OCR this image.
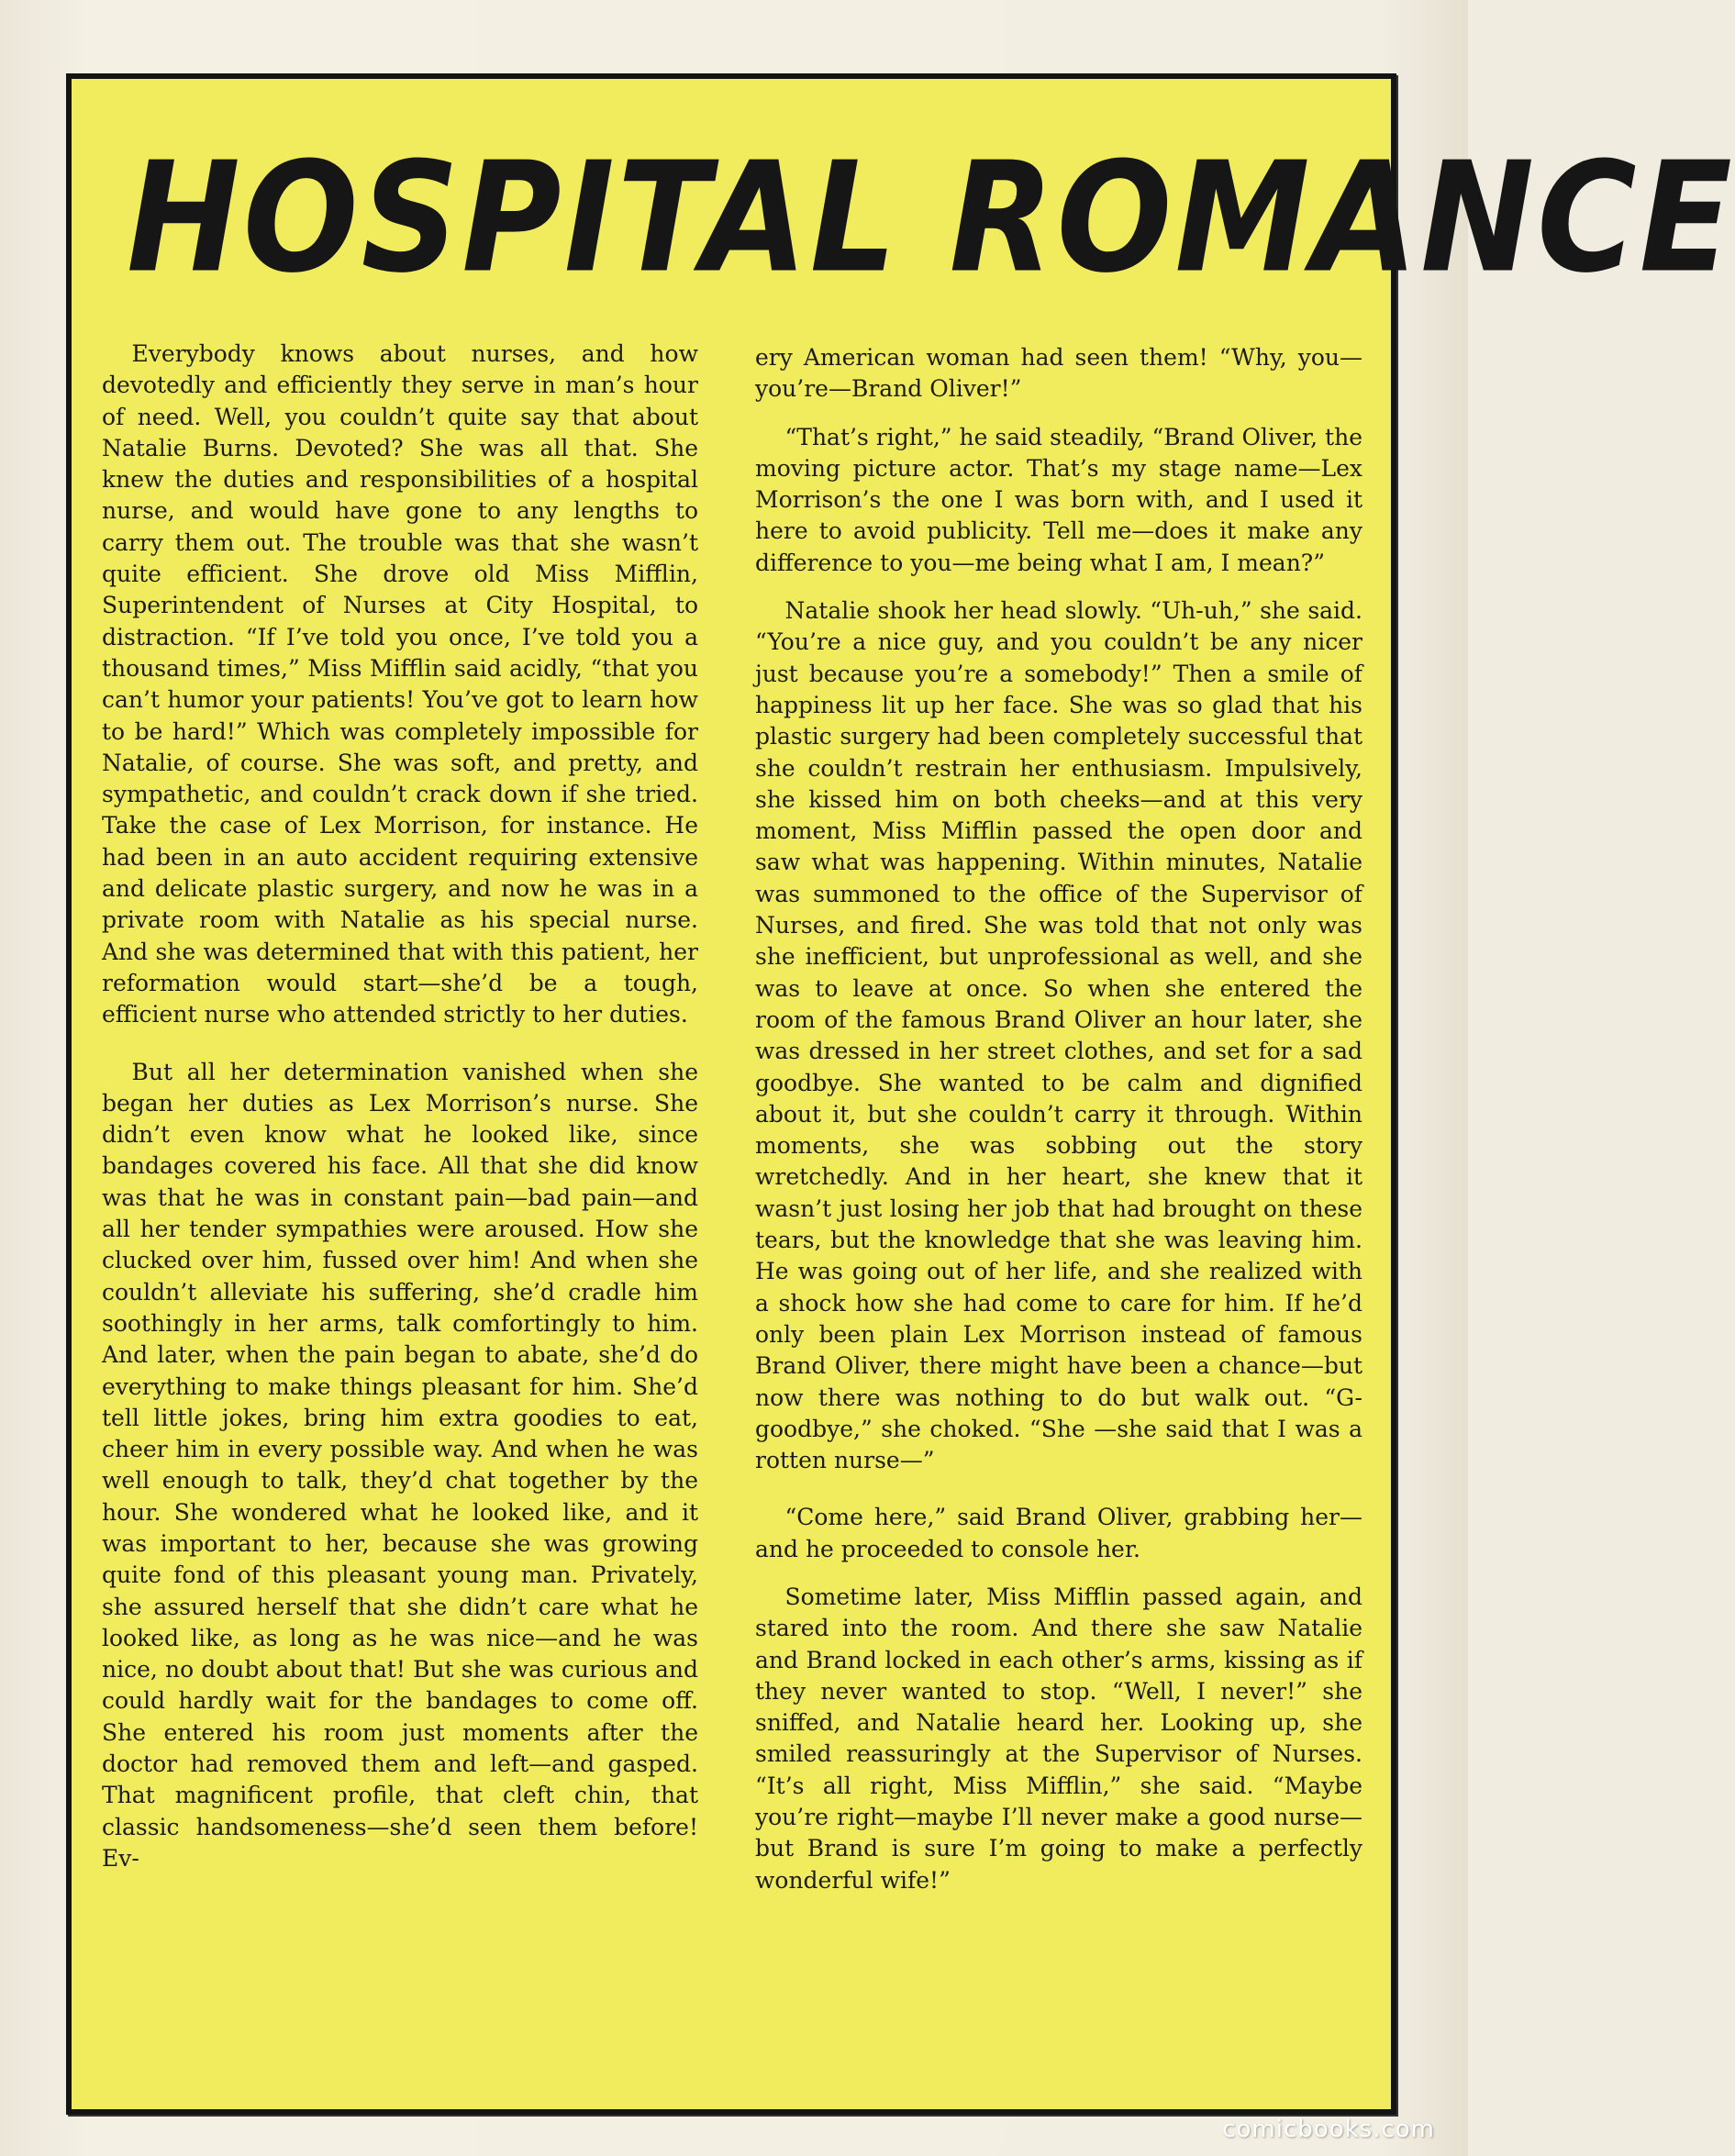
HOSPITAL ROMANCE

Everybody knows about nurses, and how devotedly and efficiently they serve in man’s hour of need. Well, you couldn’t quite say that about Natalie Burns. Devoted? She was all that. She knew the duties and responsibilities of a hospital nurse, and would have gone to any lengths to carry them out. The trouble was that she wasn’t quite efficient. She drove old Miss Mifflin, Superintendent of Nurses at City Hospital, to distraction. “If I’ve told you once, I’ve told you a thousand times,” Miss Mifflin said acidly, “that you can’t humor your patients! You’ve got to learn how to be hard!” Which was completely impossible for Natalie, of course. She was soft, and pretty, and sympathetic, and couldn’t crack down if she tried. Take the case of Lex Morrison, for instance. He had been in an auto accident requiring extensive and delicate plastic surgery, and now he was in a private room with Natalie as his special nurse. And she was determined that with this patient, her reformation would start—she’d be a tough, efficient nurse who attended strictly to her duties.

But all her determination vanished when she began her duties as Lex Morrison’s nurse. She didn’t even know what he looked like, since bandages covered his face. All that she did know was that he was in constant pain—bad pain—and all her tender sympathies were aroused. How she clucked over him, fussed over him! And when she couldn’t alleviate his suffering, she’d cradle him soothingly in her arms, talk comfortingly to him. And later, when the pain began to abate, she’d do everything to make things pleasant for him. She’d tell little jokes, bring him extra goodies to eat, cheer him in every possible way. And when he was well enough to talk, they’d chat together by the hour. She wondered what he looked like, and it was important to her, because she was growing quite fond of this pleasant young man. Privately, she assured herself that she didn’t care what he looked like, as long as he was nice—and he was nice, no doubt about that! But she was curious and could hardly wait for the bandages to come off. She entered his room just moments after the doctor had removed them and left—and gasped. That magnificent profile, that cleft chin, that classic handsomeness—she’d seen them before! Ev-

ery American woman had seen them! “Why, you—you’re—Brand Oliver!”

“That’s right,” he said steadily, “Brand Oliver, the moving picture actor. That’s my stage name—Lex Morrison’s the one I was born with, and I used it here to avoid publicity. Tell me—does it make any difference to you—me being what I am, I mean?”

Natalie shook her head slowly. “Uh-uh,” she said. “You’re a nice guy, and you couldn’t be any nicer just because you’re a somebody!” Then a smile of happiness lit up her face. She was so glad that his plastic surgery had been completely successful that she couldn’t restrain her enthusiasm. Impulsively, she kissed him on both cheeks—and at this very moment, Miss Mifflin passed the open door and saw what was happening. Within minutes, Natalie was summoned to the office of the Supervisor of Nurses, and fired. She was told that not only was she inefficient, but unprofessional as well, and she was to leave at once. So when she entered the room of the famous Brand Oliver an hour later, she was dressed in her street clothes, and set for a sad goodbye. She wanted to be calm and dignified about it, but she couldn’t carry it through. Within moments, she was sobbing out the story wretchedly. And in her heart, she knew that it wasn’t just losing her job that had brought on these tears, but the knowledge that she was leaving him. He was going out of her life, and she realized with a shock how she had come to care for him. If he’d only been plain Lex Morrison instead of famous Brand Oliver, there might have been a chance—but now there was nothing to do but walk out. “G-goodbye,” she choked. “She —she said that I was a rotten nurse—”

“Come here,” said Brand Oliver, grabbing her—and he proceeded to console her.

Sometime later, Miss Mifflin passed again, and stared into the room. And there she saw Natalie and Brand locked in each other’s arms, kissing as if they never wanted to stop. “Well, I never!” she sniffed, and Natalie heard her. Looking up, she smiled reassuringly at the Supervisor of Nurses. “It’s all right, Miss Mifflin,” she said. “Maybe you’re right—maybe I’ll never make a good nurse— but Brand is sure I’m going to make a perfectly wonderful wife!”

comicbooks.com
